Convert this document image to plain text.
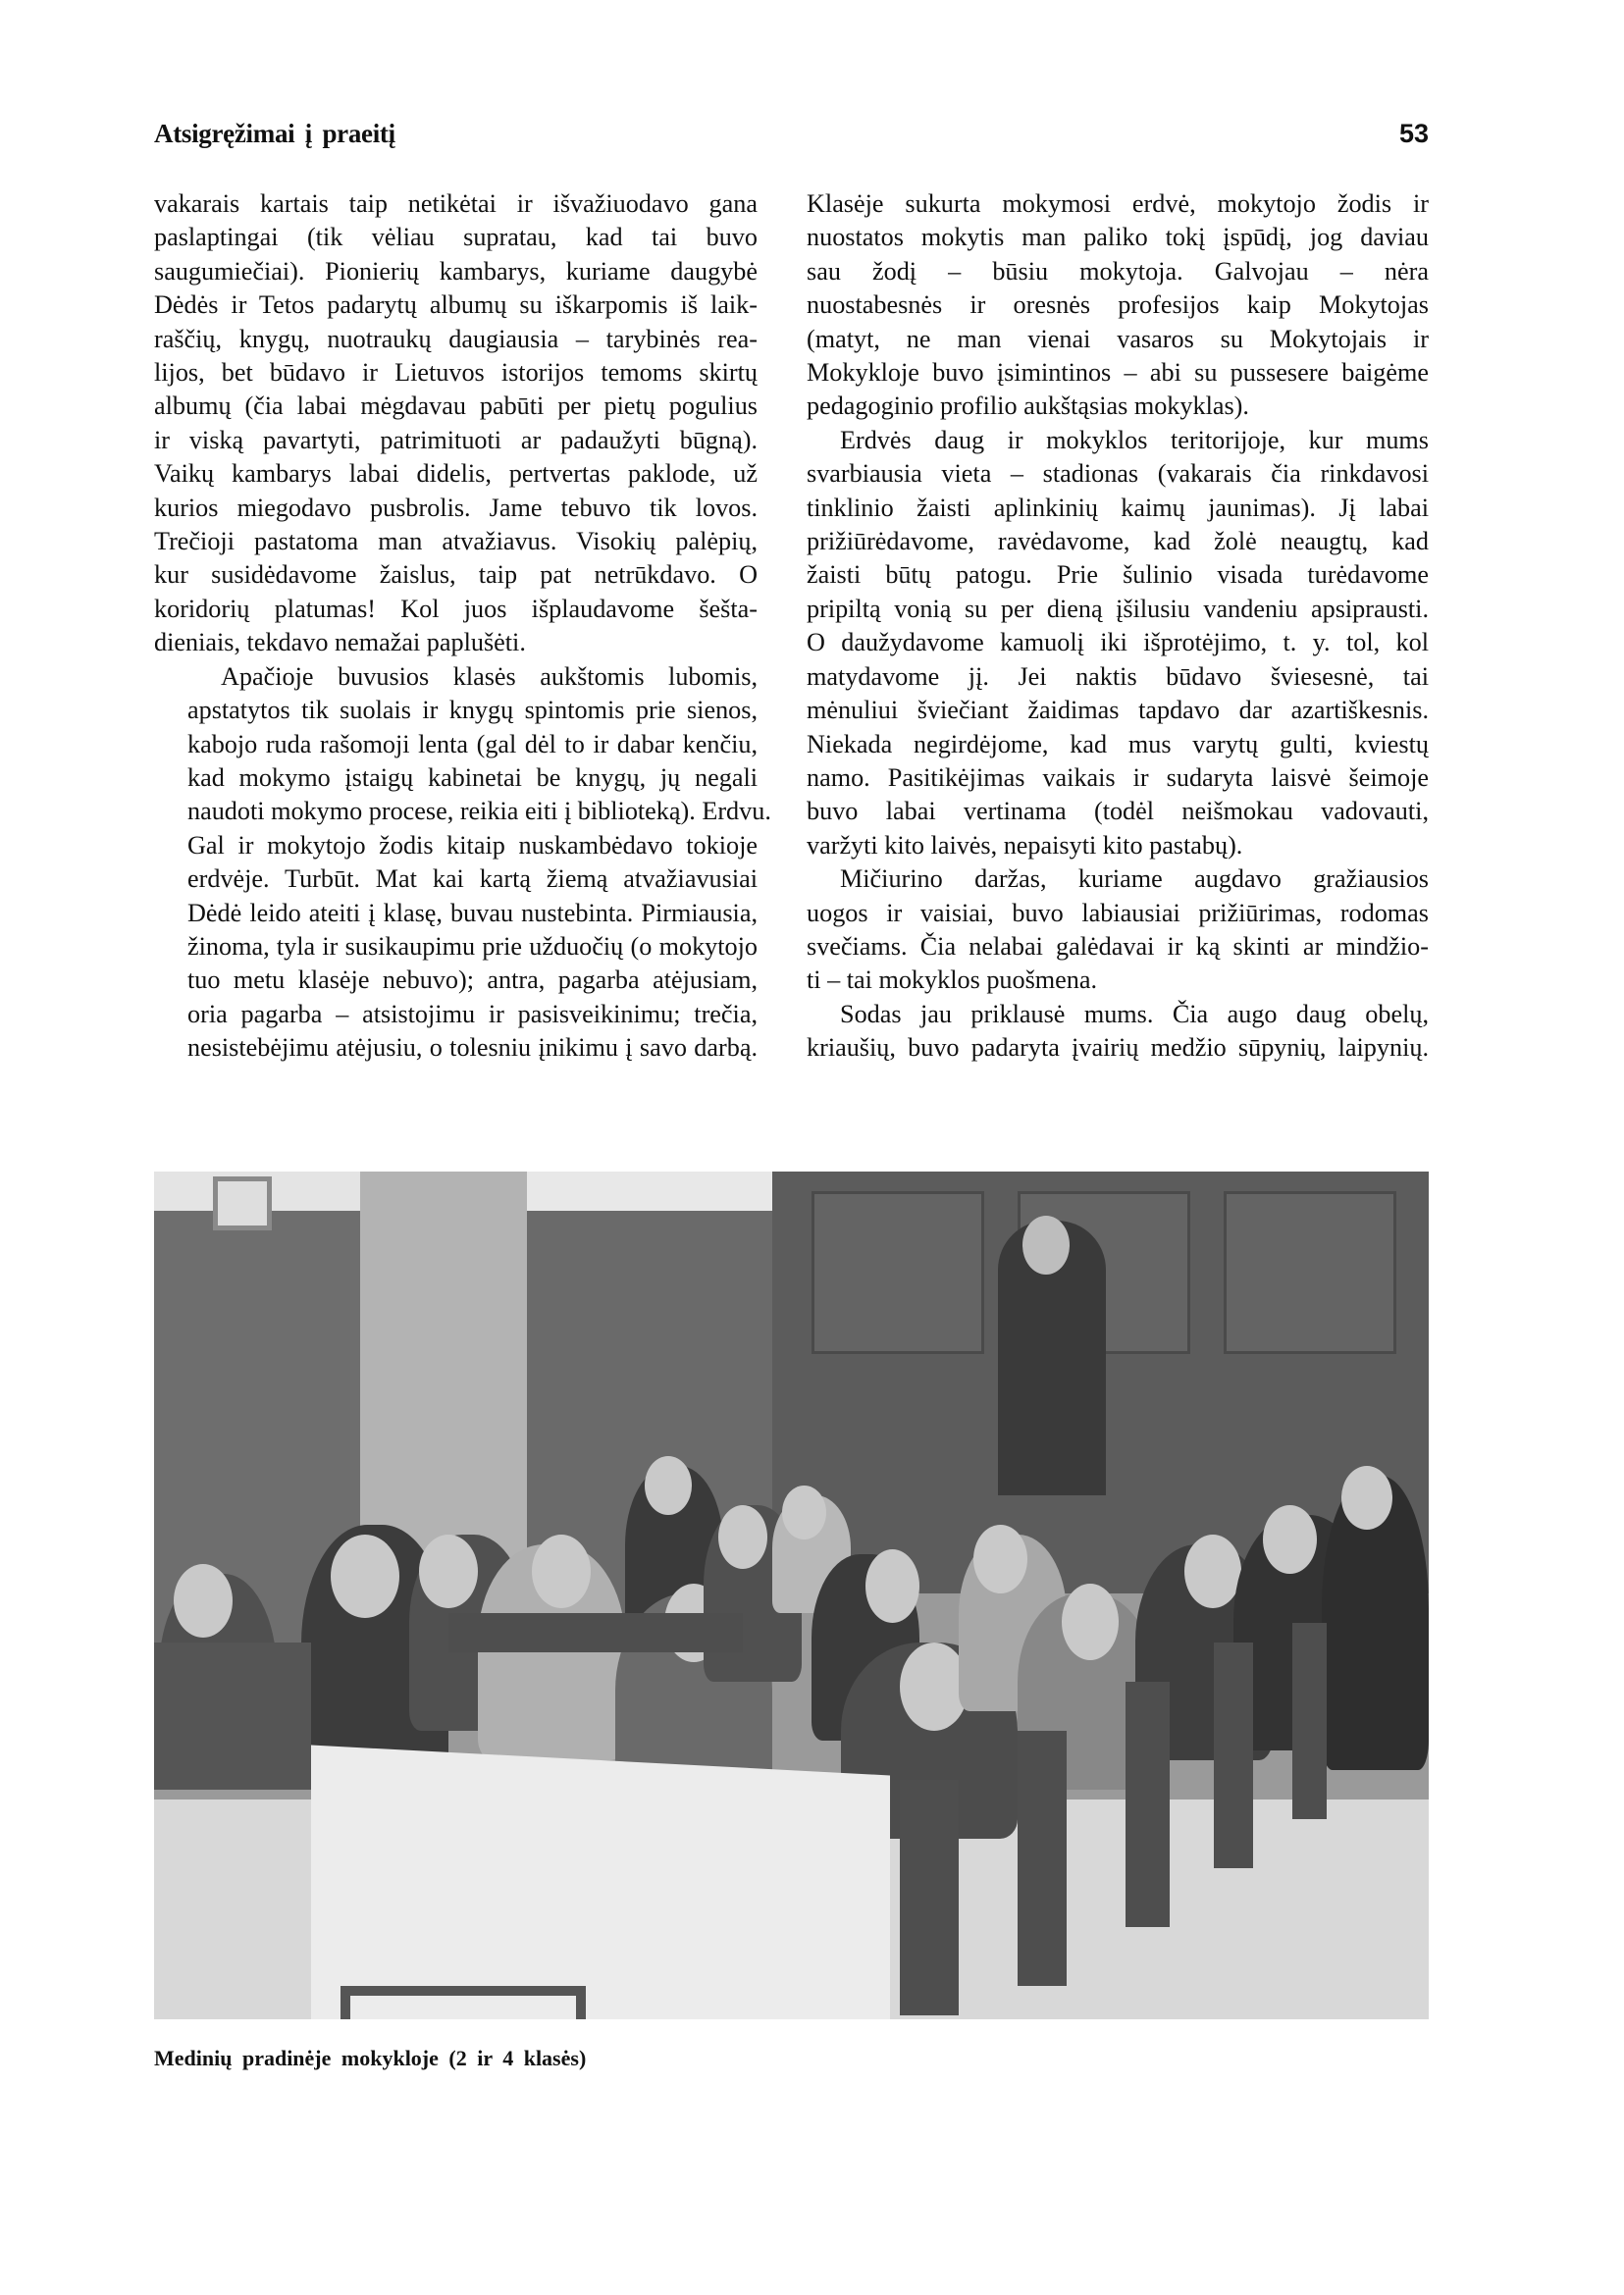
Atsigręžimai į praeitį	53

vakarais kartais taip netikėtai ir išvažiuodavo gana
paslaptingai (tik vėliau supratau, kad tai buvo
saugumiečiai). Pionierių kambarys, kuriame daugybė
Dėdės ir Tetos padarytų albumų su iškarpomis iš laik-
raščių, knygų, nuotraukų daugiausia – tarybinės rea-
lijos, bet būdavo ir Lietuvos istorijos temoms skirtų
albumų (čia labai mėgdavau pabūti per pietų pogulius
ir viską pavartyti, patrimituoti ar padaužyti būgną).
Vaikų kambarys labai didelis, pertvertas paklode, už
kurios miegodavo pusbrolis. Jame tebuvo tik lovos.
Trečioji pastatoma man atvažiavus. Visokių palėpių,
kur susidėdavome žaislus, taip pat netrūkdavo. O
koridorių platumas! Kol juos išplaudavome šešta-
dieniais, tekdavo nemažai paplušėti.

Apačioje buvusios klasės aukštomis lubomis,
apstatytos tik suolais ir knygų spintomis prie sienos,
kabojo ruda rašomoji lenta (gal dėl to ir dabar kenčiu,
kad mokymo įstaigų kabinetai be knygų, jų negali
naudoti mokymo procese, reikia eiti į biblioteką). Erdvu.
Gal ir mokytojo žodis kitaip nuskambėdavo tokioje
erdvėje. Turbūt. Mat kai kartą žiemą atvažiavusiai
Dėdė leido ateiti į klasę, buvau nustebinta. Pirmiausia,
žinoma, tyla ir susikaupimu prie užduočių (o mokytojo
tuo metu klasėje nebuvo); antra, pagarba atėjusiam,
oria pagarba – atsistojimu ir pasisveikinimu; trečia,
nesistebėjimu atėjusiu, o tolesniu įnikimu į savo darbą.

Klasėje sukurta mokymosi erdvė, mokytojo žodis ir
nuostatos mokytis man paliko tokį įspūdį, jog daviau
sau žodį – būsiu mokytoja. Galvojau – nėra
nuostabesnės ir oresnės profesijos kaip Mokytojas
(matyt, ne man vienai vasaros su Mokytojais ir
Mokykloje buvo įsimintinos – abi su pussesere baigėme
pedagoginio profilio aukštąsias mokyklas).

Erdvės daug ir mokyklos teritorijoje, kur mums
svarbiausia vieta – stadionas (vakarais čia rinkdavosi
tinklinio žaisti aplinkinių kaimų jaunimas). Jį labai
prižiūrėdavome, ravėdavome, kad žolė neaugtų, kad
žaisti būtų patogu. Prie šulinio visada turėdavome
pripiltą vonią su per dieną įšilusiu vandeniu apsiprausti.
O daužydavome kamuolį iki išprotėjimo, t. y. tol, kol
matydavome jį. Jei naktis būdavo šviesesnė, tai
mėnuliui šviečiant žaidimas tapdavo dar azartiškesnis.
Niekada negirdėjome, kad mus varytų gulti, kviestų
namo. Pasitikėjimas vaikais ir sudaryta laisvė šeimoje
buvo labai vertinama (todėl neišmokau vadovauti,
varžyti kito laivės, nepaisyti kito pastabų).

Mičiurino daržas, kuriame augdavo gražiausios
uogos ir vaisiai, buvo labiausiai prižiūrimas, rodomas
svečiams. Čia nelabai galėdavai ir ką skinti ar mindžio-
ti – tai mokyklos puošmena.

Sodas jau priklausė mums. Čia augo daug obelų,
kriaušių, buvo padaryta įvairių medžio sūpynių, laipynių.

Medinių pradinėje mokykloje (2 ir 4 klasės)
